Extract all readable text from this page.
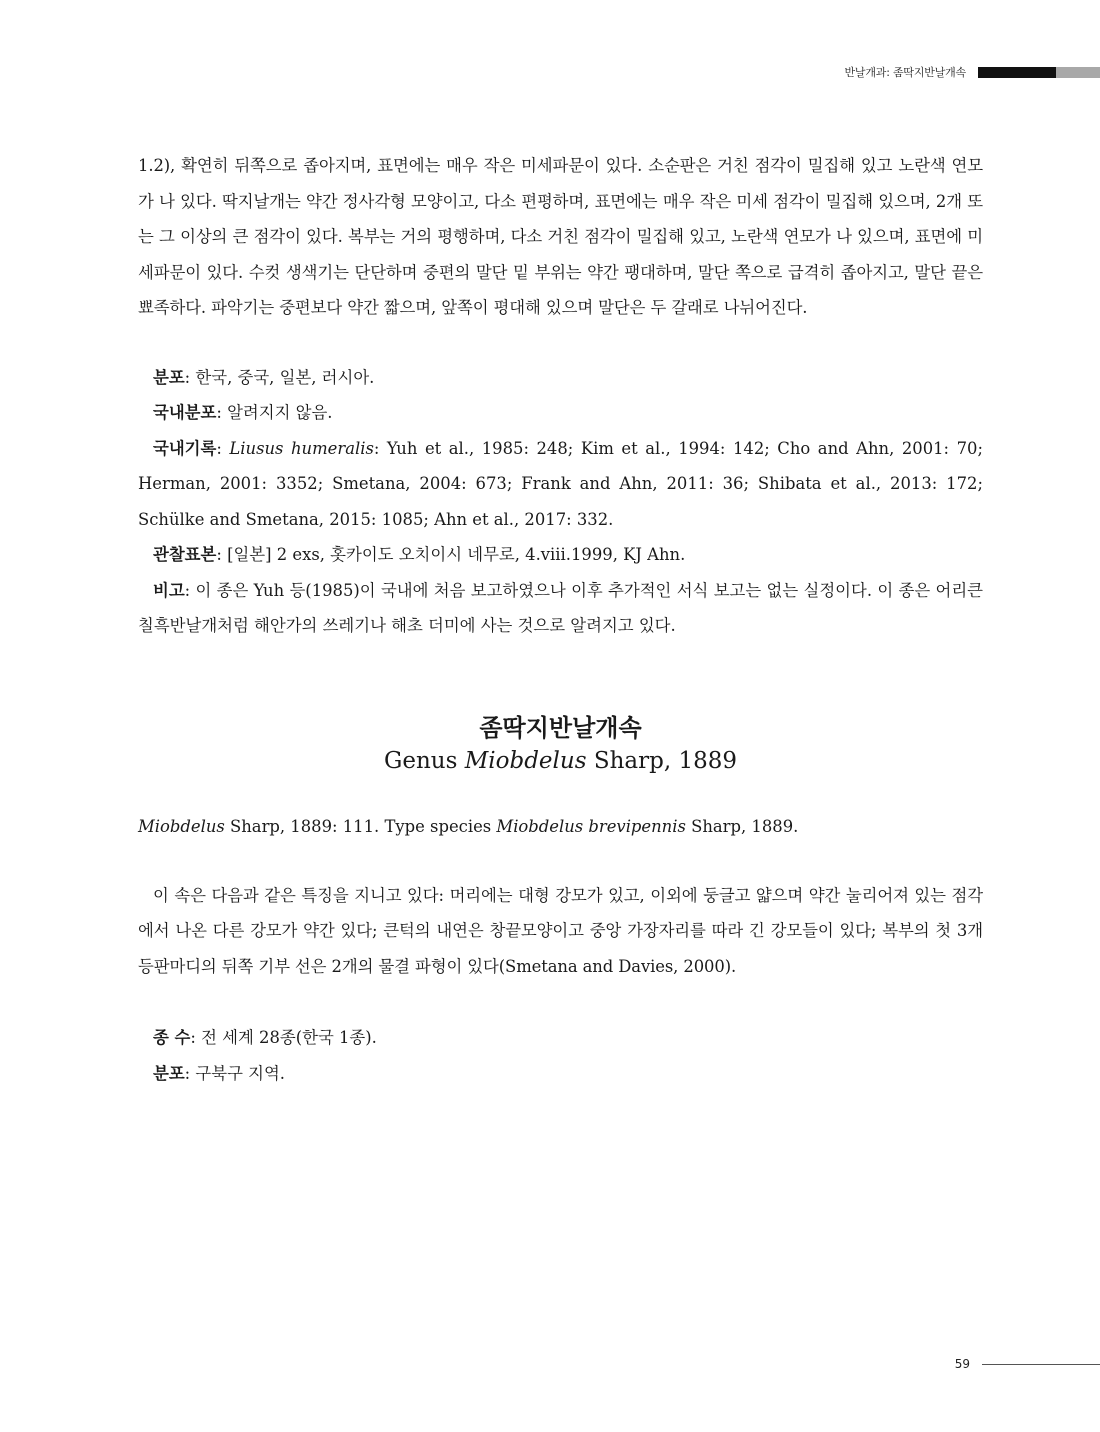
반날개과: 좀딱지반날개속

1.2), 확연히 뒤쪽으로 좁아지며, 표면에는 매우 작은 미세파문이 있다. 소순판은 거친 점각이 밀집해 있고 노란색 연모가 나 있다. 딱지날개는 약간 정사각형 모양이고, 다소 편평하며, 표면에는 매우 작은 미세 점각이 밀집해 있으며, 2개 또는 그 이상의 큰 점각이 있다. 복부는 거의 평행하며, 다소 거친 점각이 밀집해 있고, 노란색 연모가 나 있으며, 표면에 미세파문이 있다. 수컷 생색기는 단단하며 중편의 말단 밑 부위는 약간 팽대하며, 말단 쪽으로 급격히 좁아지고, 말단 끝은 뾰족하다. 파악기는 중편보다 약간 짧으며, 앞쪽이 평대해 있으며 말단은 두 갈래로 나뉘어진다.

분포: 한국, 중국, 일본, 러시아.

국내분포: 알려지지 않음.

국내기록: Liusus humeralis: Yuh et al., 1985: 248; Kim et al., 1994: 142; Cho and Ahn, 2001: 70; Herman, 2001: 3352; Smetana, 2004: 673; Frank and Ahn, 2011: 36; Shibata et al., 2013: 172; Schülke and Smetana, 2015: 1085; Ahn et al., 2017: 332.

관찰표본: [일본] 2 exs, 홋카이도 오치이시 네무로, 4.viii.1999, KJ Ahn.

비고: 이 종은 Yuh 등(1985)이 국내에 처음 보고하였으나 이후 추가적인 서식 보고는 없는 실정이다. 이 종은 어리큰칠흑반날개처럼 해안가의 쓰레기나 해초 더미에 사는 것으로 알려지고 있다.

좀딱지반날개속

Genus Miobdelus Sharp, 1889

Miobdelus Sharp, 1889: 111. Type species Miobdelus brevipennis Sharp, 1889.

이 속은 다음과 같은 특징을 지니고 있다: 머리에는 대형 강모가 있고, 이외에 둥글고 얇으며 약간 눌리어져 있는 점각에서 나온 다른 강모가 약간 있다; 큰턱의 내연은 창끝모양이고 중앙 가장자리를 따라 긴 강모들이 있다; 복부의 첫 3개 등판마디의 뒤쪽 기부 선은 2개의 물결 파형이 있다(Smetana and Davies, 2000).

종 수: 전 세계 28종(한국 1종).

분포: 구북구 지역.

59
